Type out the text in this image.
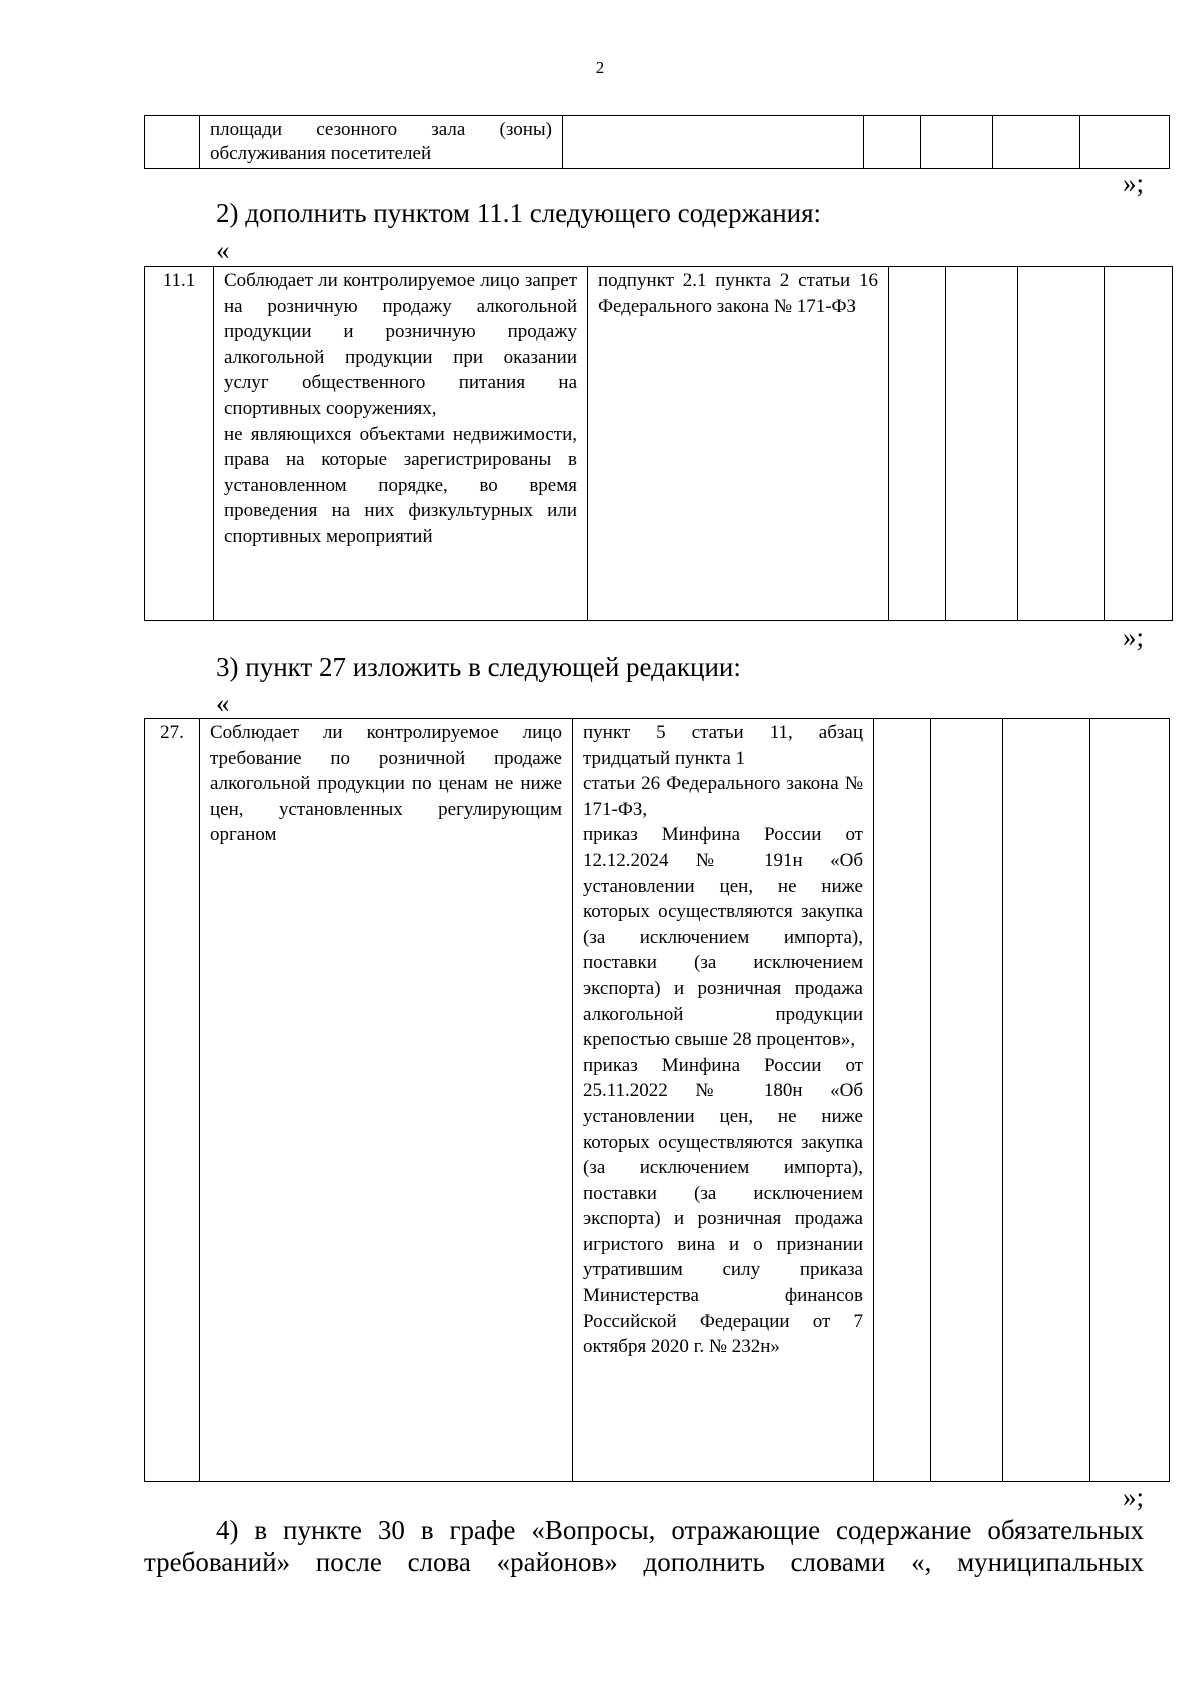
2
	площади сезонного зала (зоны) обслуживания посетителей					
»;
2) дополнить пунктом 11.1 следующего содержания:
«
11.1	Соблюдает ли контролируемое лицо запрет на розничную продажу алкогольной продукции и розничную продажу алкогольной продукции при оказании услуг общественного питания на спортивных сооружениях,
не являющихся объектами недвижимости, права на которые зарегистрированы в установленном порядке, во время проведения на них физкультурных или спортивных мероприятий	подпункт 2.1 пункта 2 статьи 16 Федерального закона № 171-ФЗ				
»;
3) пункт 27 изложить в следующей редакции:
«
27.	Соблюдает ли контролируемое лицо требование по розничной продаже алкогольной продукции по ценам не ниже цен, установленных регулирующим органом	пункт 5 статьи 11, абзац тридцатый пункта 1
статьи 26 Федерального закона № 171-ФЗ,
приказ Минфина России от 12.12.2024 № 191н «Об установлении цен, не ниже которых осуществляются закупка (за исключением импорта), поставки (за исключением экспорта) и розничная продажа алкогольной продукции крепостью свыше 28 процентов»,
приказ Минфина России от 25.11.2022 № 180н «Об установлении цен, не ниже которых осуществляются закупка (за исключением импорта), поставки (за исключением экспорта) и розничная продажа игристого вина и о признании утратившим силу приказа Министерства финансов Российской Федерации от 7 октября 2020 г. № 232н»				
»;
4) в пункте 30 в графе «Вопросы, отражающие содержание обязательных
требований» после слова «районов» дополнить словами «, муниципальных
